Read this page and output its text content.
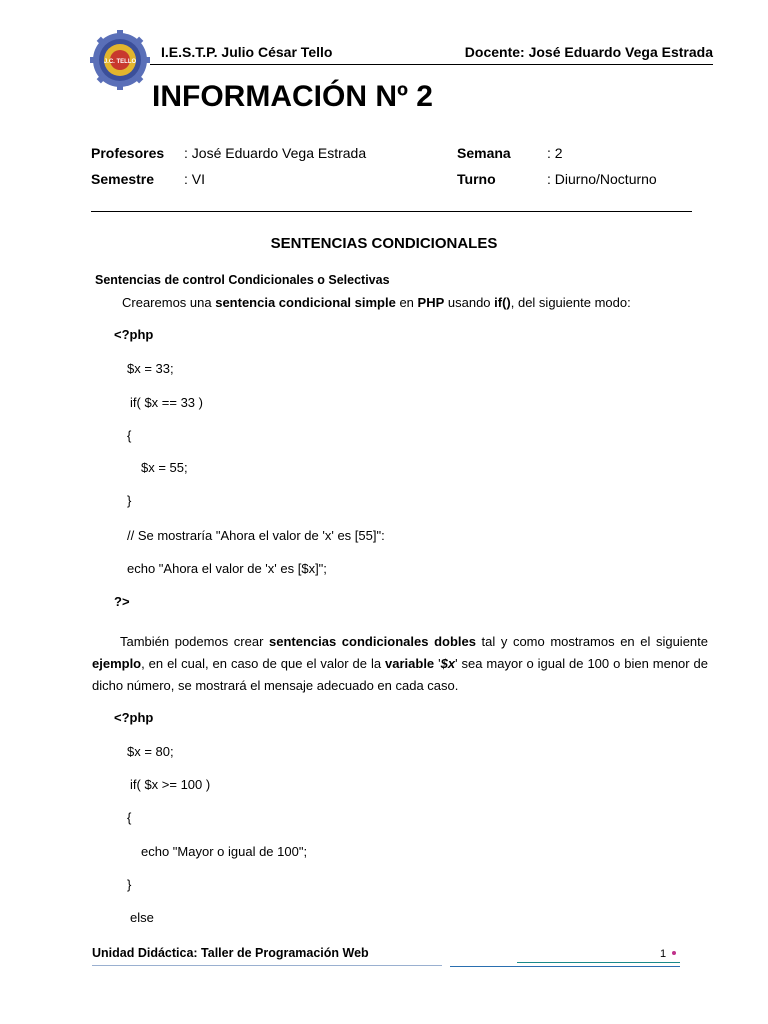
J.C. TELLO
I.E.S.T.P. Julio César Tello	Docente: José Eduardo Vega Estrada
INFORMACIÓN Nº 2
Profesores : José Eduardo Vega Estrada	Semana	: 2
Semestre : VI	Turno	: Diurno/Nocturno
SENTENCIAS CONDICIONALES
Sentencias de control Condicionales o Selectivas
Crearemos una sentencia condicional simple en PHP usando if(), del siguiente modo:
<?php
$x = 33;
if( $x == 33 )
{
$x = 55;
}
// Se mostraría "Ahora el valor de 'x' es [55]":
echo "Ahora el valor de 'x' es [$x]";
?>
También podemos crear sentencias condicionales dobles tal y como mostramos en el siguiente
ejemplo, en el cual, en caso de que el valor de la variable '$x' sea mayor o igual de 100 o bien menor de
dicho número, se mostrará el mensaje adecuado en cada caso.
<?php
$x = 80;
if( $x >= 100 )
{
echo "Mayor o igual de 100";
}
else
Unidad Didáctica: Taller de Programación Web	1
